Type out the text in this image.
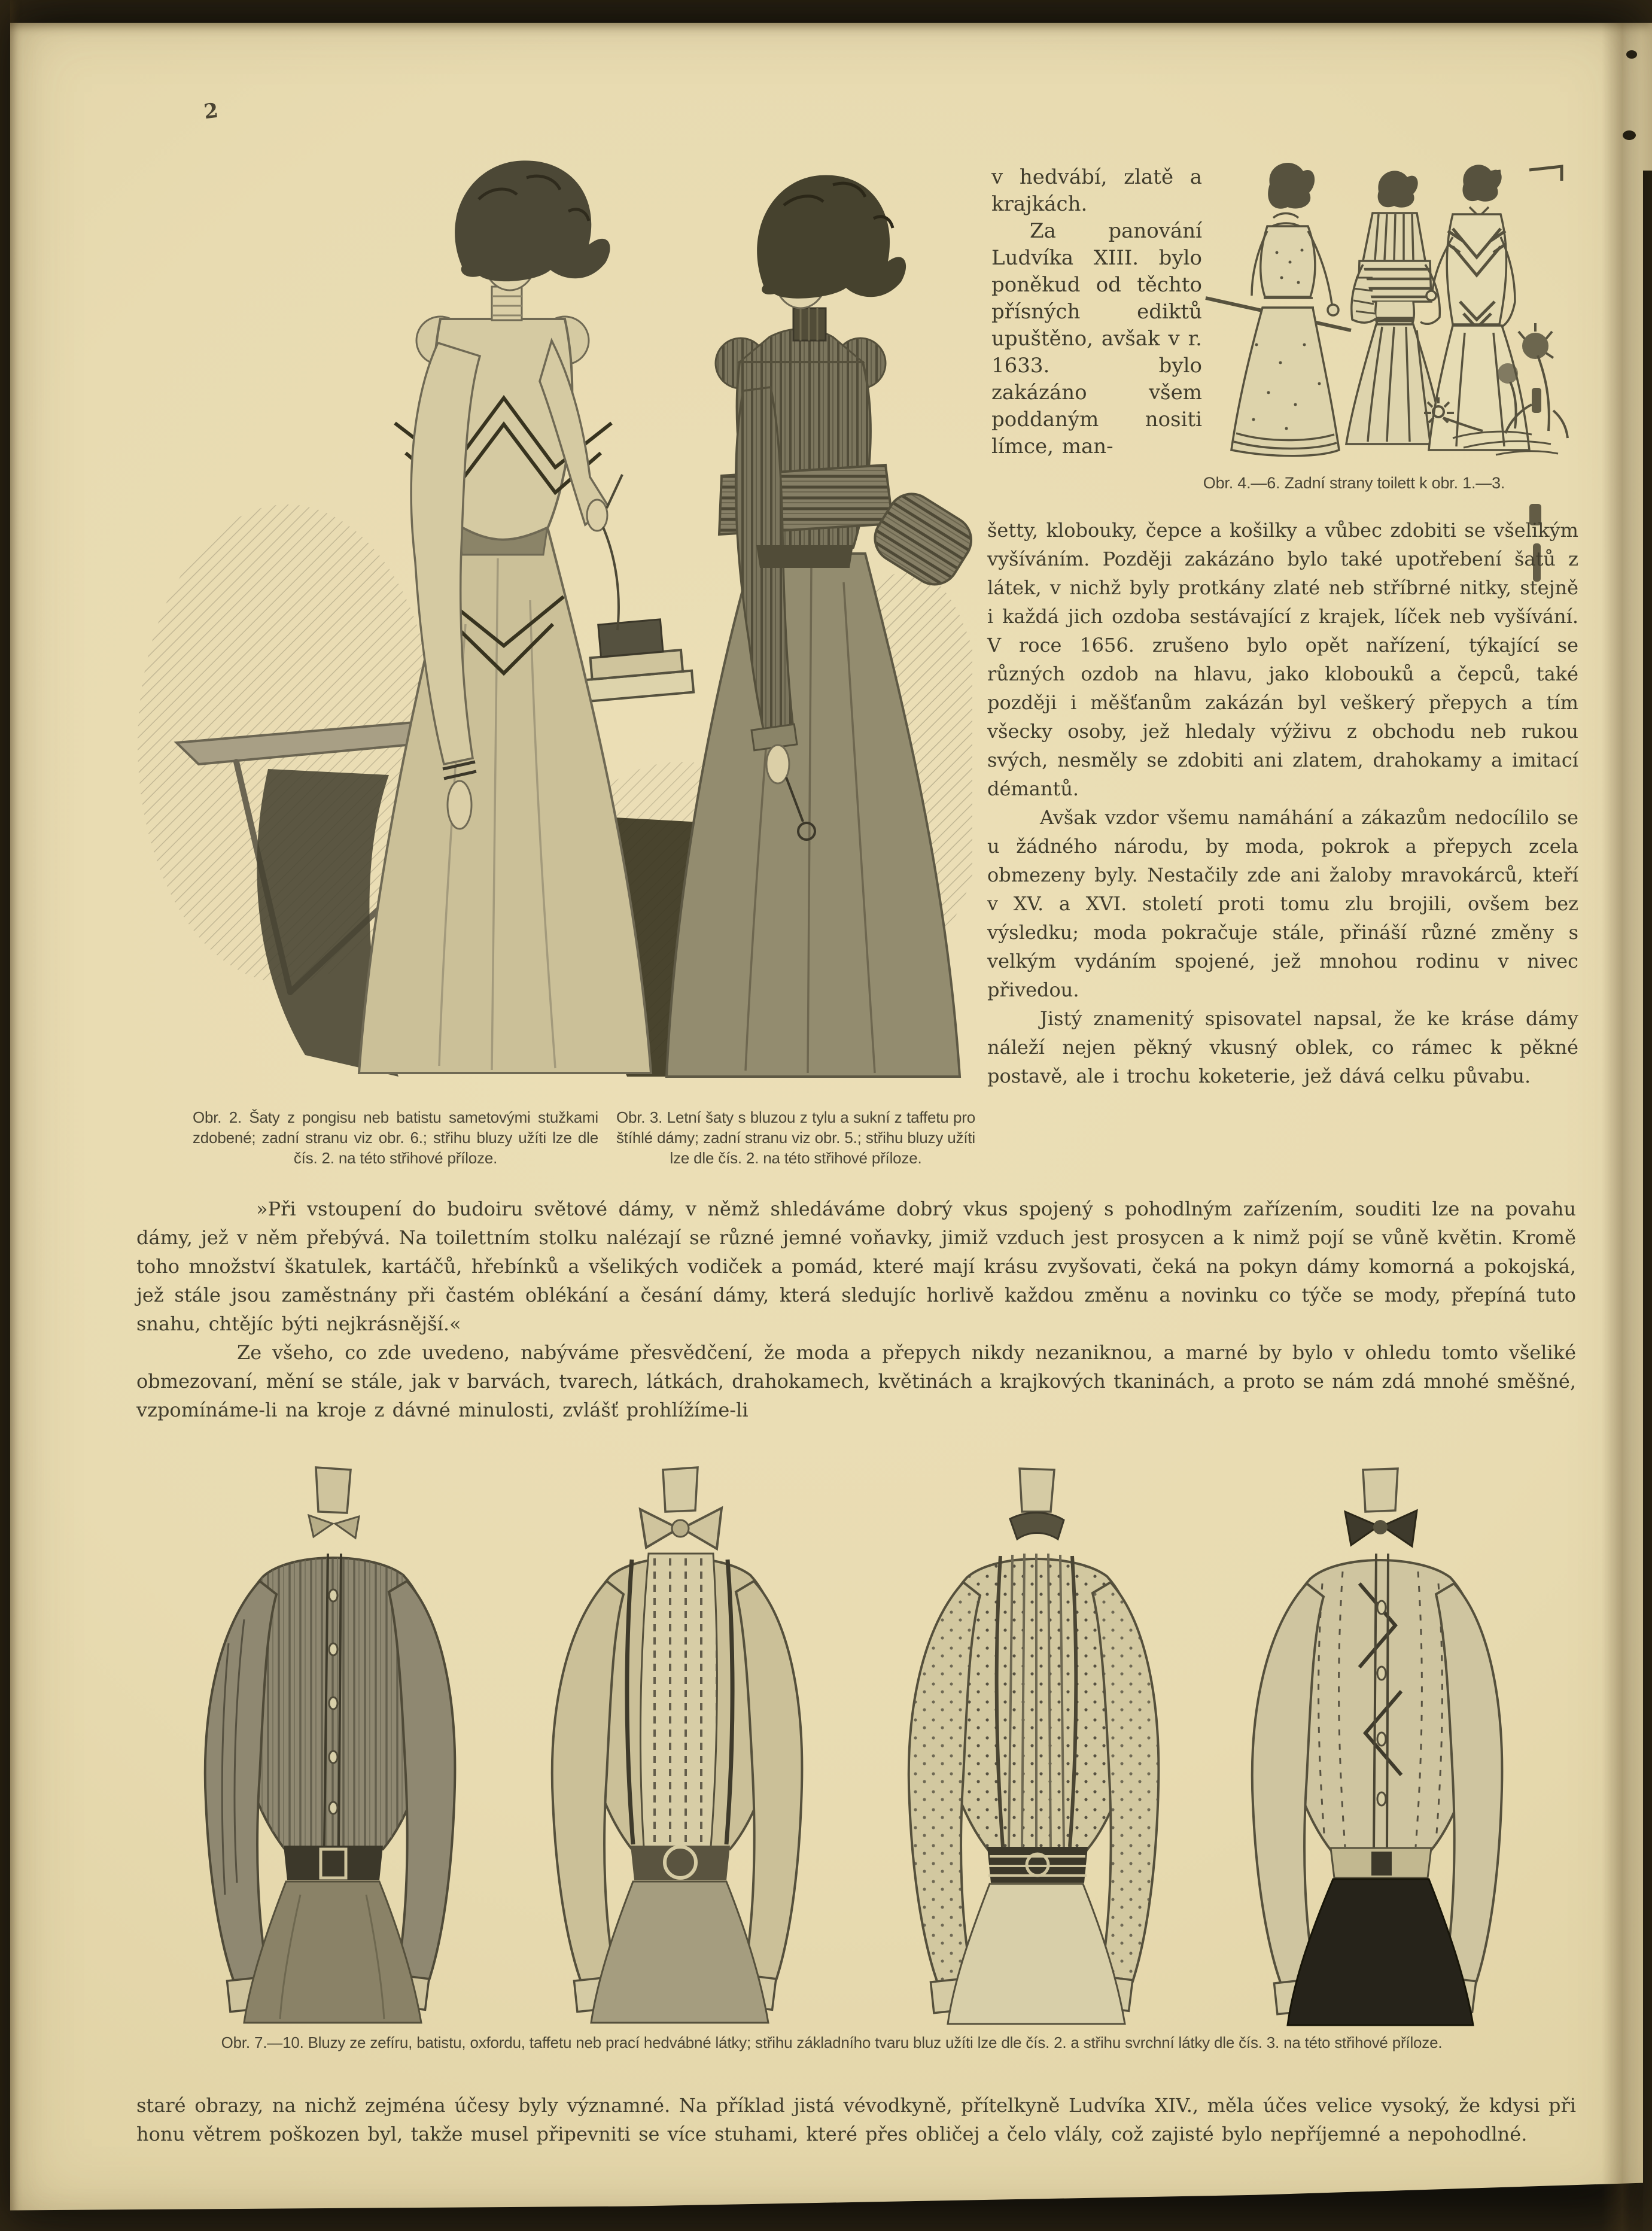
2

v hedvábí, zlatě a krajkách.

Za panování Ludvíka XIII. bylo poněkud od těchto přísných ediktů upuštěno, avšak v r. 1633. bylo zakázáno všem poddaným nositi límce, man-

Obr. 4.—6. Zadní strany toilett k obr. 1.—3.

šetty, klobouky, čepce a košilky a vůbec zdobiti se všelikým vyšíváním. Později zakázáno bylo také upotřebení šatů z látek, v nichž byly protkány zlaté neb stříbrné nitky, stejně i každá jich ozdoba sestávající z krajek, líček neb vyšívání. V roce 1656. zrušeno bylo opět nařízení, týkající se různých ozdob na hlavu, jako klobouků a čepců, také později i měšťanům zakázán byl veškerý přepych a tím všecky osoby, jež hledaly výživu z obchodu neb rukou svých, nesměly se zdobiti ani zlatem, drahokamy a imitací démantů.

Avšak vzdor všemu namáhání a zákazům nedocílilo se u žádného národu, by moda, pokrok a přepych zcela obmezeny byly. Nestačily zde ani žaloby mravokárců, kteří v XV. a XVI. století proti tomu zlu brojili, ovšem bez výsledku; moda pokračuje stále, přináší různé změny s velkým vydáním spojené, jež mnohou rodinu v nivec přivedou.

Jistý znamenitý spisovatel napsal, že ke kráse dámy náleží nejen pěkný vkusný oblek, co rámec k pěkné postavě, ale i trochu koketerie, jež dává celku půvabu.

Obr. 2. Šaty z pongisu neb batistu sametovými stužkami zdobené; zadní stranu viz obr. 6.; střihu bluzy užíti lze dle čís. 2. na této střihové příloze.
Obr. 3. Letní šaty s bluzou z tylu a sukní z taffetu pro štíhlé dámy; zadní stranu viz obr. 5.; střihu bluzy užíti lze dle čís. 2. na této střihové příloze.

»Při vstoupení do budoiru světové dámy, v němž shledáváme dobrý vkus spojený s pohodlným zařízením, souditi lze na povahu dámy, jež v něm přebývá. Na toilettním stolku nalézají se různé jemné voňavky, jimiž vzduch jest prosycen a k nimž pojí se vůně květin. Kromě toho množství škatulek, kartáčů, hřebínků a všelikých vodiček a pomád, které mají krásu zvyšovati, čeká na pokyn dámy komorná a pokojská, jež stále jsou zaměstnány při častém oblékání a česání dámy, která sledujíc horlivě každou změnu a novinku co týče se mody, přepíná tuto snahu, chtějíc býti nejkrásnější.«

Ze všeho, co zde uvedeno, nabýváme přesvědčení, že moda a přepych nikdy nezaniknou, a marné by bylo v ohledu tomto všeliké obmezovaní, mění se stále, jak v barvách, tvarech, látkách, drahokamech, květinách a krajkových tkaninách, a proto se nám zdá mnohé směšné, vzpomínáme-li na kroje z dávné minulosti, zvlášť prohlížíme-li

Obr. 7.—10. Bluzy ze zefíru, batistu, oxfordu, taffetu neb prací hedvábné látky; střihu základního tvaru bluz užíti lze dle čís. 2. a střihu svrchní látky dle čís. 3. na této střihové příloze.

staré obrazy, na nichž zejména účesy byly významné. Na příklad jistá vévodkyně, přítelkyně Ludvíka XIV., měla účes velice vysoký, že kdysi při honu větrem poškozen byl, takže musel připevniti se více stuhami, které přes obličej a čelo vlály, což zajisté bylo nepříjemné a nepohodlné.
